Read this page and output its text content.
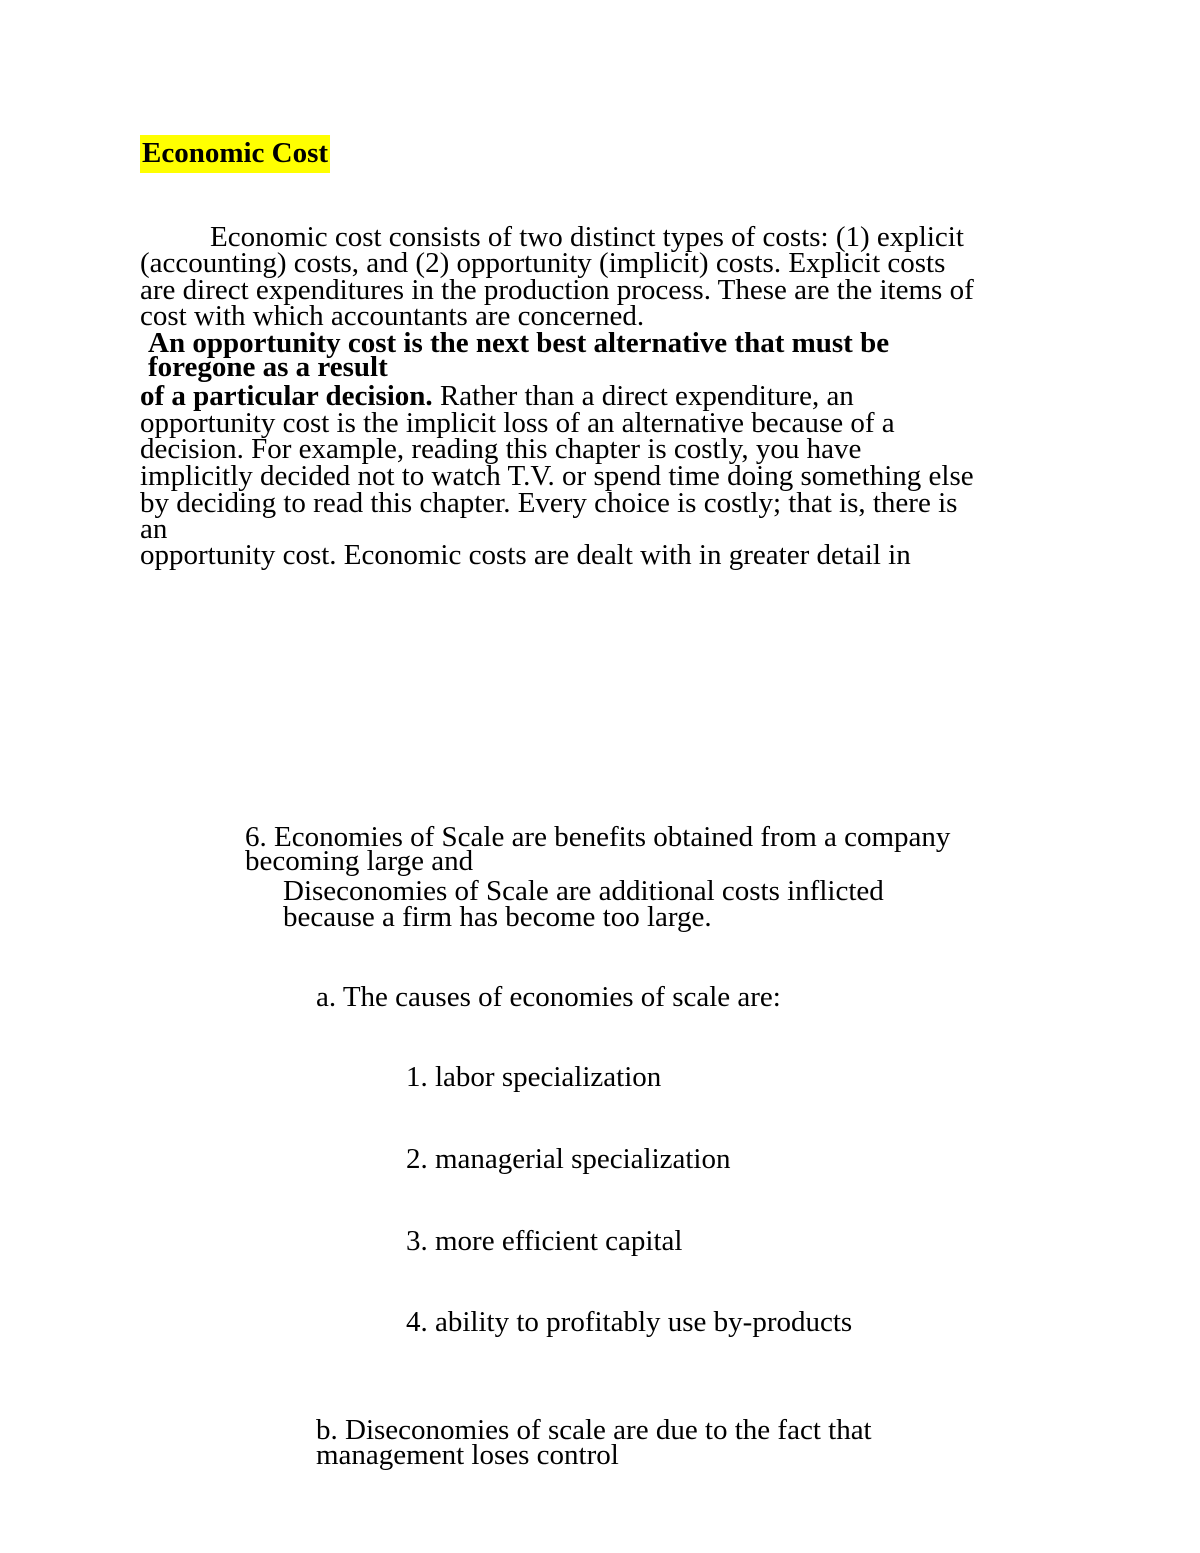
Economic Cost
Economic cost consists of two distinct types of costs: (1) explicit
(accounting) costs, and (2) opportunity (implicit) costs. Explicit costs
are direct expenditures in the production process. These are the items of
cost with which accountants are concerned.
An opportunity cost is the next best alternative that must be
foregone as a result
of a particular decision. Rather than a direct expenditure, an
opportunity cost is the implicit loss of an alternative because of a
decision. For example, reading this chapter is costly, you have
implicitly decided not to watch T.V. or spend time doing something else
by deciding to read this chapter. Every choice is costly; that is, there is
an
opportunity cost. Economic costs are dealt with in greater detail in
6. Economies of Scale are benefits obtained from a company
becoming large and
Diseconomies of Scale are additional costs inflicted
because a firm has become too large.
a. The causes of economies of scale are:
1. labor specialization
2. managerial specialization
3. more efficient capital
4. ability to profitably use by-products
b. Diseconomies of scale are due to the fact that
management loses control
